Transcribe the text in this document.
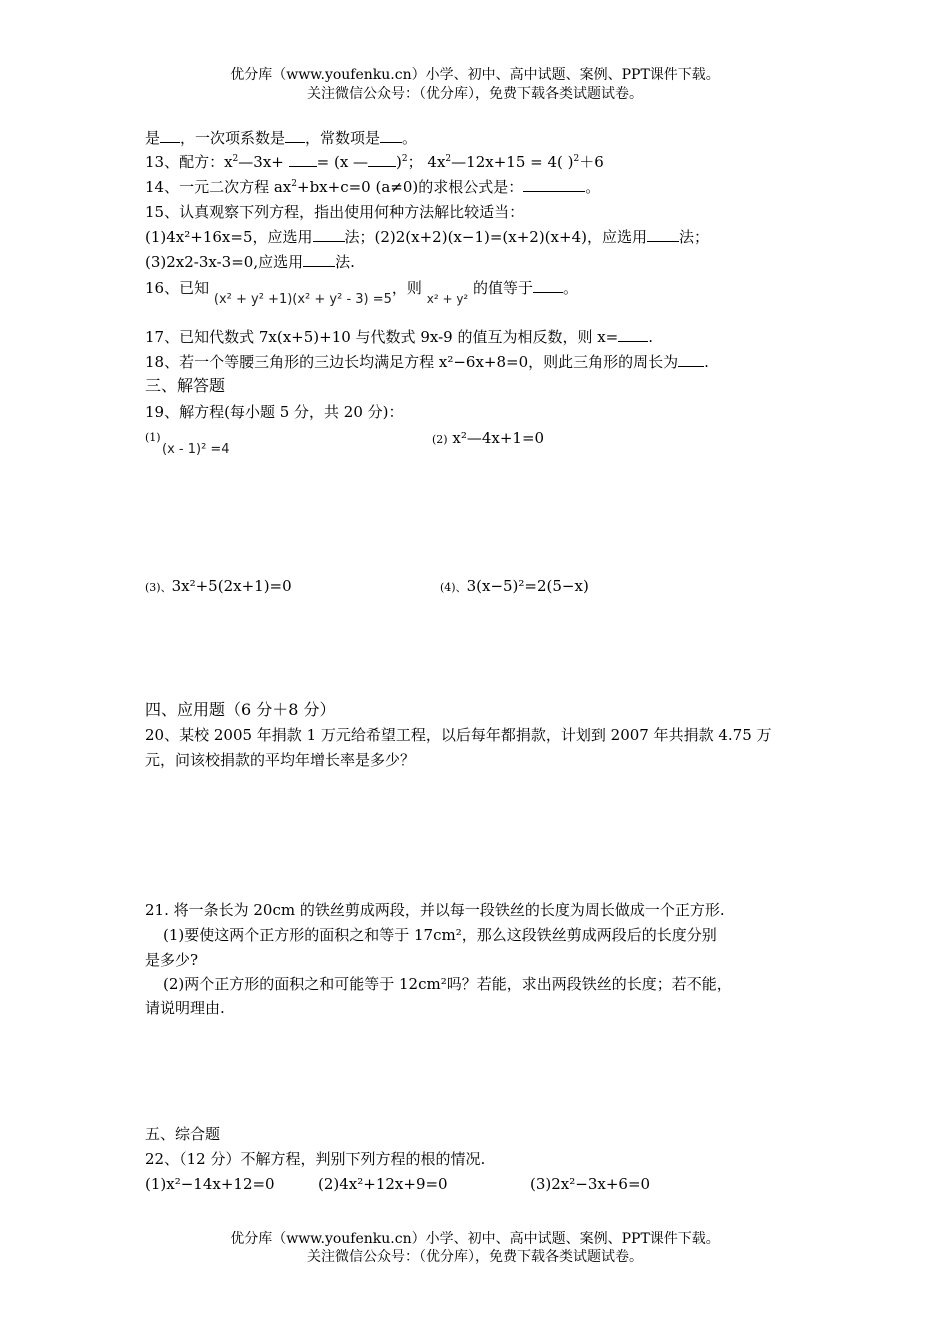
优分库（www.youfenku.cn）小学、初中、高中试题、案例、PPT课件下载。
关注微信公众号：（优分库），免费下载各类试题试卷。
是 ，一次项系数是 ，常数项是 。
13、配方：$x^2—3x+ = (x$ — )$^2$； $4x^2—12x+15 = 4$( )$^2$＋6
14、一元二次方程 $ax^2+bx+c=0$ (a≠0)的求根公式是：	。
15、认真观察下列方程，指出使用何种方法解比较适当：
(1)4x²+16x=5，应选用 法；(2)2(x+2)(x−1)=(x+2)(x+4)，应选用 法；
(3)2x2-3x-3=0,应选用 法.
16、已知 (x² + y² +1)(x² + y² - 3) =5，则 $_{x^2 + y^2}$ 的值等于 。
17、已知代数式 7x(x+5)+10 与代数式 9x-9 的值互为相反数，则 x= .
18、若一个等腰三角形的三边长均满足方程 x²−6x+8=0，则此三角形的周长为 .
三、解答题
19、解方程(每小题 5 分，共 20 分)：
(1)
(x - 1)² =4
(2) x²—4x+1=0
(3)、3x²+5(2x+1)=0	(4)、3(x−5)²=2(5−x)
四、应用题（6 分＋8 分）
20、某校 2005 年捐款 1 万元给希望工程，以后每年都捐款，计划到 2007 年共捐款 4.75 万
元，问该校捐款的平均年增长率是多少？
21. 将一条长为 20cm 的铁丝剪成两段，并以每一段铁丝的长度为周长做成一个正方形.
(1)要使这两个正方形的面积之和等于 17cm²，那么这段铁丝剪成两段后的长度分别
是多少?
(2)两个正方形的面积之和可能等于 12cm²吗？若能，求出两段铁丝的长度；若不能，
请说明理由.
五、综合题
22、（12 分）不解方程，判别下列方程的根的情况.
(1)x²−14x+12=0	(2)4x²+12x+9=0	(3)2x²−3x+6=0
优分库（www.youfenku.cn）小学、初中、高中试题、案例、PPT课件下载。
关注微信公众号：（优分库），免费下载各类试题试卷。
